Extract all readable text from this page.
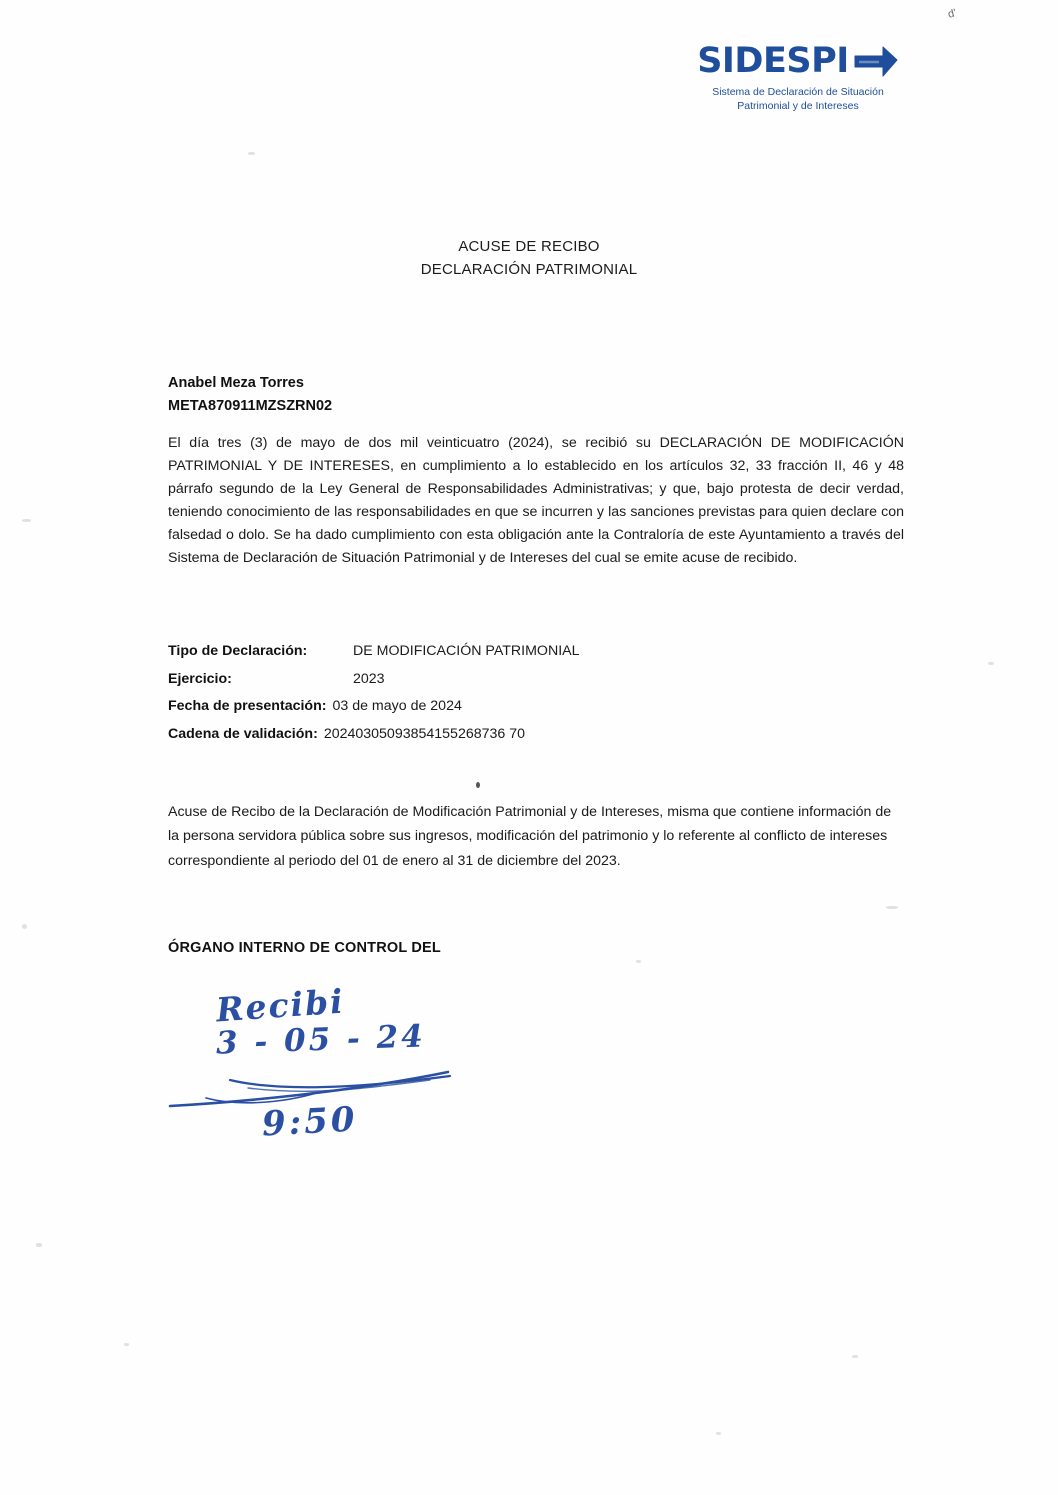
d'
SIDESPI
Sistema de Declaración de Situación
Patrimonial y de Intereses
ACUSE DE RECIBO
DECLARACIÓN PATRIMONIAL
Anabel Meza Torres
META870911MZSZRN02
El día tres (3) de mayo de dos mil veinticuatro (2024), se recibió su DECLARACIÓN DE MODIFICACIÓN PATRIMONIAL Y DE INTERESES, en cumplimiento a lo establecido en los artículos 32, 33 fracción II, 46 y 48 párrafo segundo de la Ley General de Responsabilidades Administrativas; y que, bajo protesta de decir verdad, teniendo conocimiento de las responsabilidades en que se incurren y las sanciones previstas para quien declare con falsedad o dolo. Se ha dado cumplimiento con esta obligación ante la Contraloría de este Ayuntamiento a través del Sistema de Declaración de Situación Patrimonial y de Intereses del cual se emite acuse de recibido.
Tipo de Declaración:	DE MODIFICACIÓN PATRIMONIAL
Ejercicio:	2023
Fecha de presentación: 03 de mayo de 2024
Cadena de validación: 20240305093854155268736 70
Acuse de Recibo de la Declaración de Modificación Patrimonial y de Intereses, misma que contiene información de la persona servidora pública sobre sus ingresos, modificación del patrimonio y lo referente al conflicto de intereses correspondiente al periodo del 01 de enero al 31 de diciembre del 2023.
ÓRGANO INTERNO DE CONTROL DEL
Recibi
3 - 05 - 24
9:50
